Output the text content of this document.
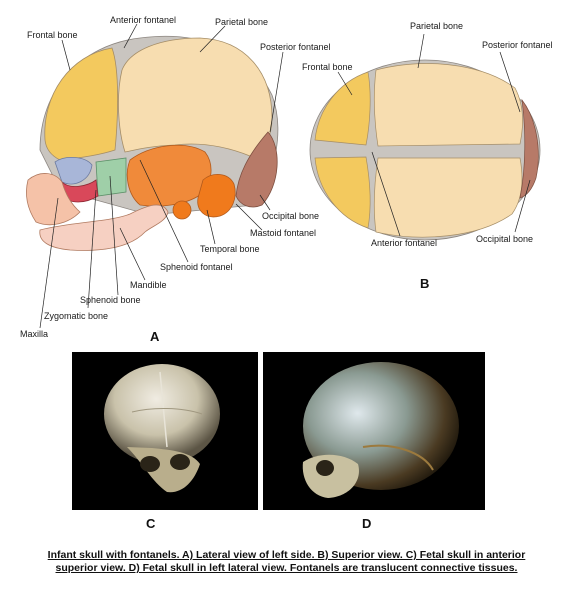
Frontal bone
Anterior fontanel	Parietal bone
Posterior fontanel
Occipital bone
Mastoid fontanel
Temporal bone
Sphenoid fontanel
Mandible
Sphenoid bone
Zygomatic bone
Maxilla	A
Parietal bone
Posterior fontanel
Frontal bone
Anterior fontanel	Occipital bone
B
C	D
Infant skull with fontanels. A) Lateral view of left side. B) Superior view. C) Fetal skull in anterior superior view. D) Fetal skull in left lateral view. Fontanels are translucent connective tissues.
